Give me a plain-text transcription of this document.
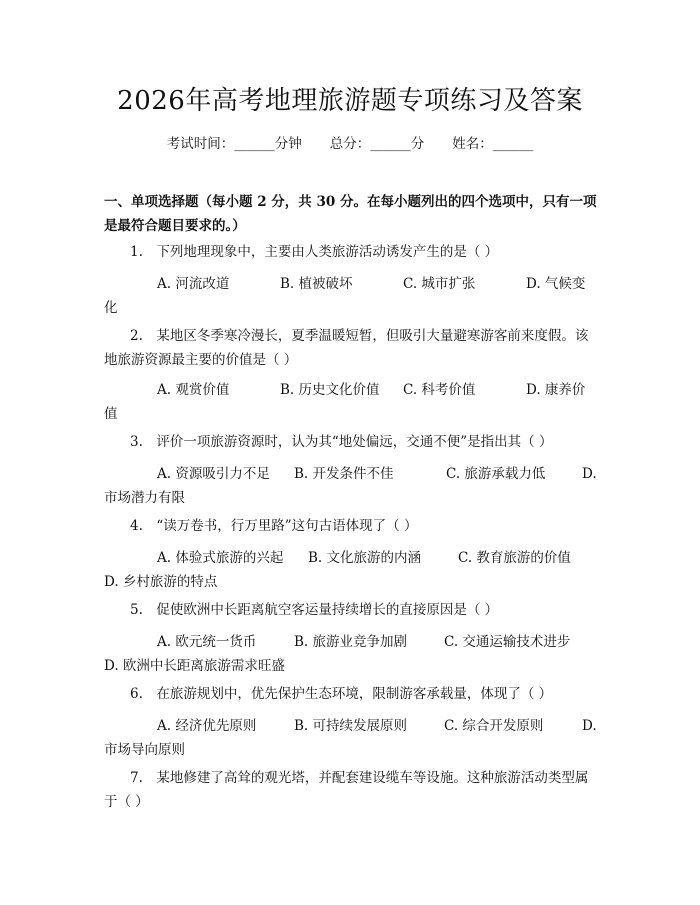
2026年高考地理旅游题专项练习及答案
考试时间：______分钟 总分：______分 姓名：______
一、单项选择题（每小题 2 分，共 30 分。在每小题列出的四个选项中，只有一项是最符合题目要求的。）
1.　下列地理现象中，主要由人类旅游活动诱发产生的是（ ）
A. 河流改道	B. 植被破坏	C. 城市扩张	D. 气候变
化
2.　某地区冬季寒冷漫长，夏季温暖短暂，但吸引大量避寒游客前来度假。该地旅游资源最主要的价值是（ ）
A. 观赏价值	B. 历史文化价值 C. 科考价值	D. 康养价
值
3.　评价一项旅游资源时，认为其“地处偏远，交通不便”是指出其（ ）
A. 资源吸引力不足 B. 开发条件不佳	C. 旅游承载力低	D.
市场潜力有限
4.　“读万卷书，行万里路”这句古语体现了（ ）
A. 体验式旅游的兴起 B. 文化旅游的内涵	C. 教育旅游的价值
D. 乡村旅游的特点
5.　促使欧洲中长距离航空客运量持续增长的直接原因是（ ）
A. 欧元统一货币	B. 旅游业竞争加剧	C. 交通运输技术进步
D. 欧洲中长距离旅游需求旺盛
6.　在旅游规划中，优先保护生态环境，限制游客承载量，体现了（ ）
A. 经济优先原则	B. 可持续发展原则	C. 综合开发原则	D.
市场导向原则
7.　某地修建了高耸的观光塔，并配套建设缆车等设施。这种旅游活动类型属于（ ）
